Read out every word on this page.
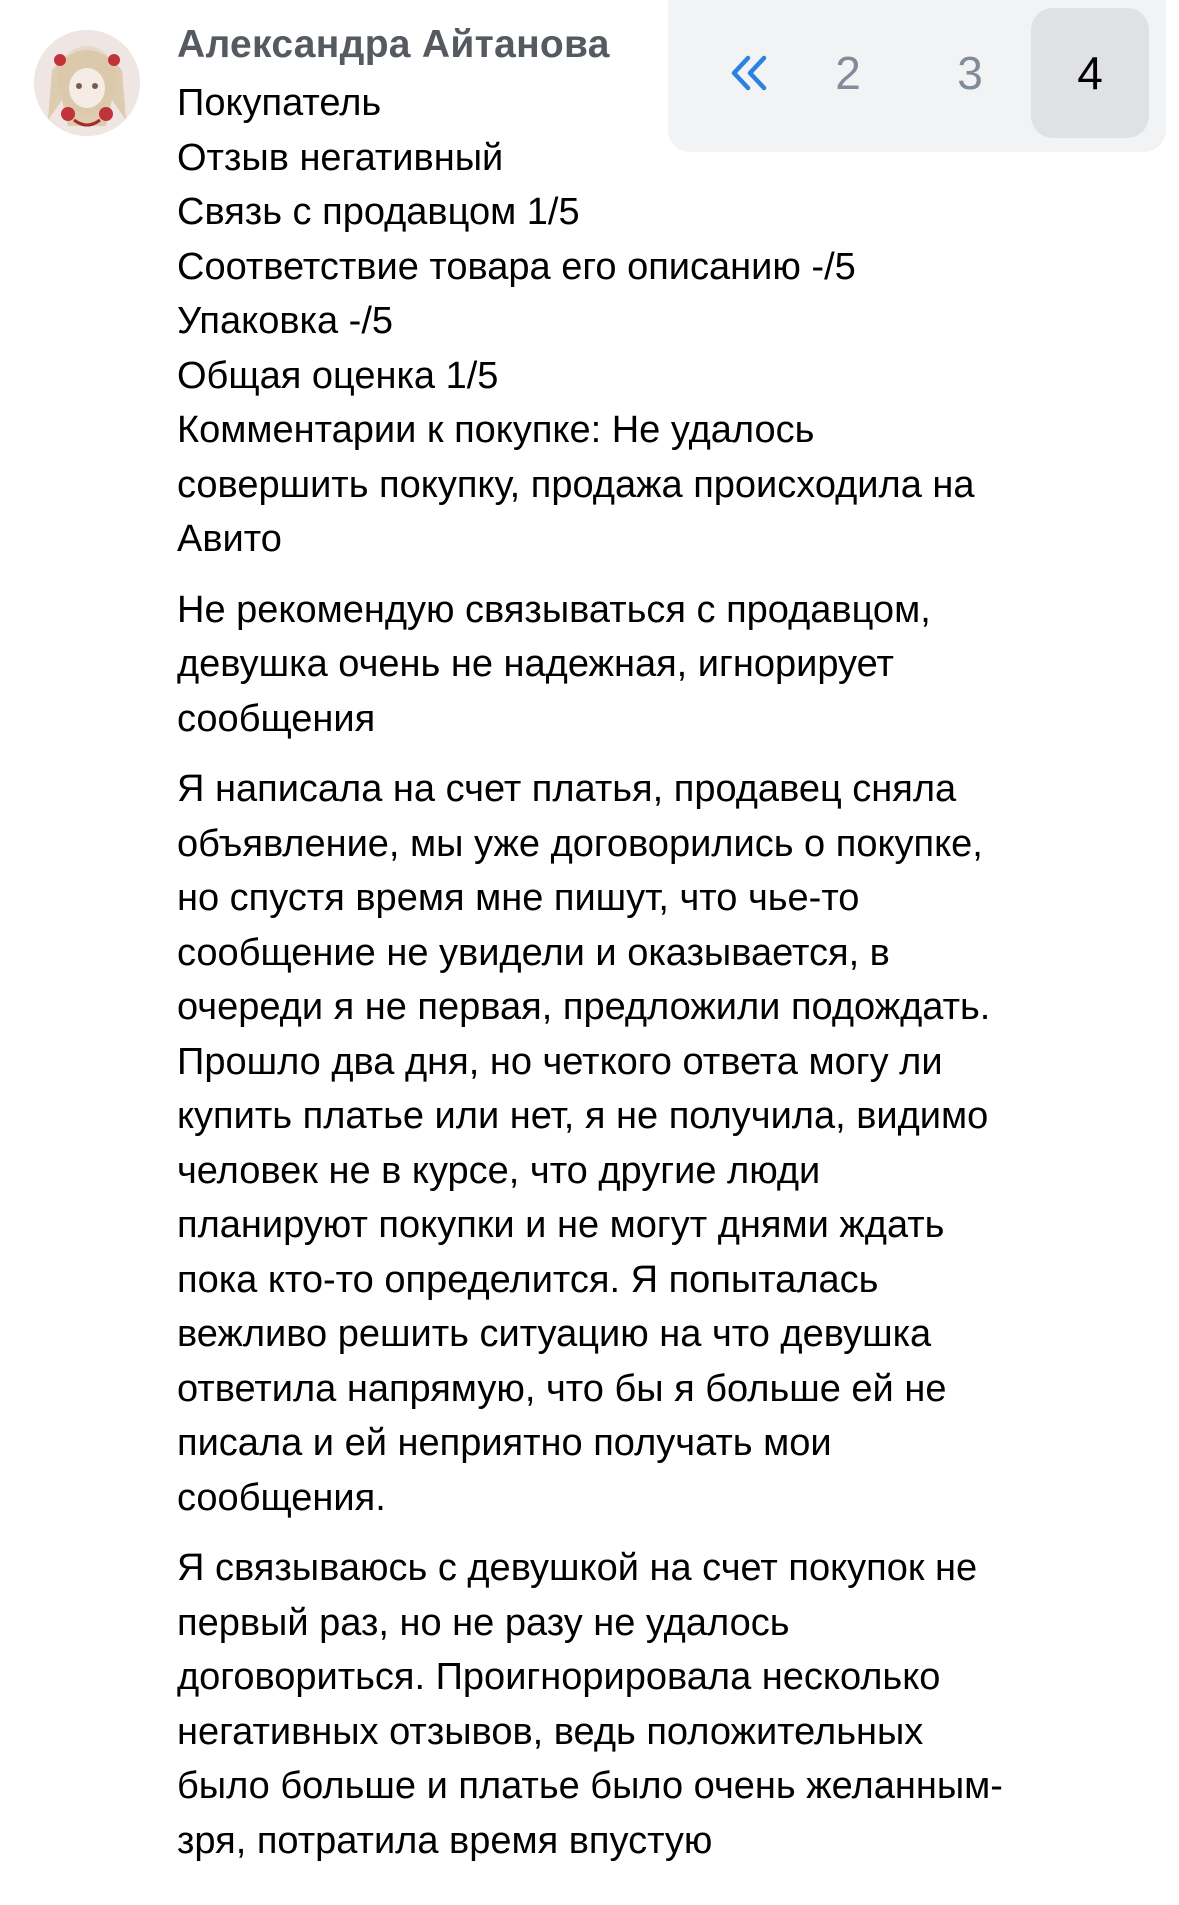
2	3	4
Александра Айтанова
Покупатель
Отзыв негативный
Связь с продавцом 1/5
Соответствие товара его описанию -/5
Упаковка -/5
Общая оценка 1/5
Комментарии к покупке: Не удалось
совершить покупку, продажа происходила на
Авито
Не рекомендую связываться с продавцом,
девушка очень не надежная, игнорирует
сообщения
Я написала на счет платья, продавец сняла
объявление, мы уже договорились о покупке,
но спустя время мне пишут, что чье-то
сообщение не увидели и оказывается, в
очереди я не первая, предложили подождать.
Прошло два дня, но четкого ответа могу ли
купить платье или нет, я не получила, видимо
человек не в курсе, что другие люди
планируют покупки и не могут днями ждать
пока кто-то определится. Я попыталась
вежливо решить ситуацию на что девушка
ответила напрямую, что бы я больше ей не
писала и ей неприятно получать мои
сообщения.
Я связываюсь с девушкой на счет покупок не
первый раз, но не разу не удалось
договориться. Проигнорировала несколько
негативных отзывов, ведь положительных
было больше и платье было очень желанным-
зря, потратила время впустую
